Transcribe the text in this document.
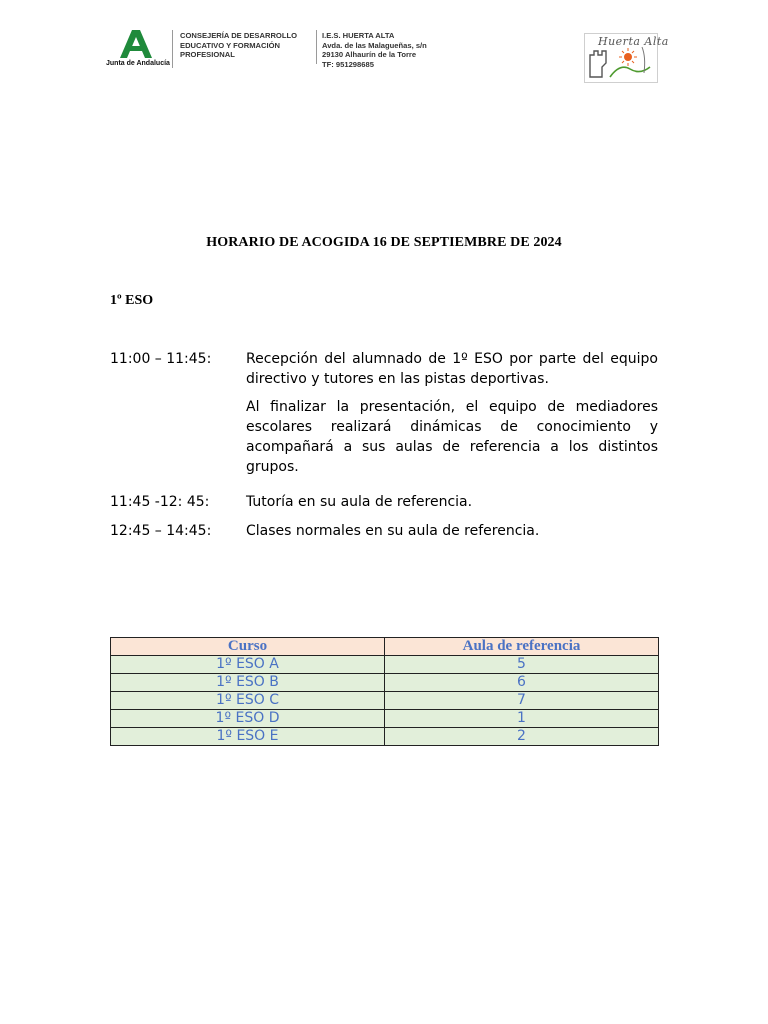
Junta de Andalucía
CONSEJERÍA DE DESARROLLO
EDUCATIVO Y FORMACIÓN
PROFESIONAL
I.E.S. HUERTA ALTA
Avda. de las Malagueñas, s/n
29130 Alhaurín de la Torre
TF: 951298685
Huerta Alta
HORARIO DE ACOGIDA 16 DE SEPTIEMBRE DE 2024
1º ESO
11:00 – 11:45: Recepción del alumnado de 1º ESO por parte del equipo directivo y tutores en las pistas deportivas.

Al finalizar la presentación, el equipo de mediadores escolares realizará dinámicas de conocimiento y acompañará a sus aulas de referencia a los distintos grupos.

11:45 -12: 45:	Tutoría en su aula de referencia.

12:45 – 14:45: Clases normales en su aula de referencia.

Curso	Aula de referencia
1º ESO A	5
1º ESO B	6
1º ESO C	7
1º ESO D	1
1º ESO E	2
